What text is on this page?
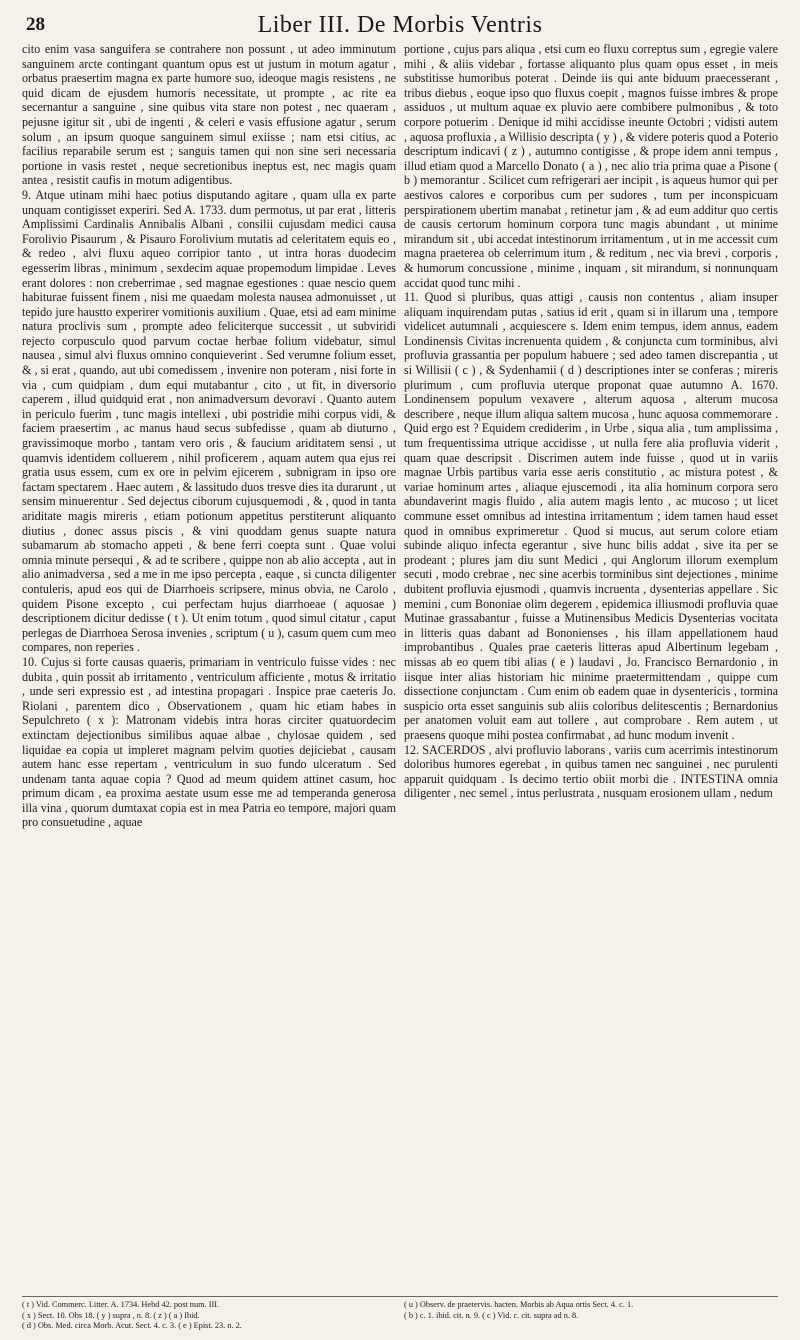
28	Liber III. De Morbis Ventris

cito enim vasa sanguifera se contrahere non possunt , ut adeo imminutum sanguinem arcte contingant quantum opus est ut justum in motum agatur , orbatus praesertim magna ex parte humore suo, ideoque magis resistens , ne quid dicam de ejusdem humoris necessitate, ut prompte , ac rite ea secernantur a sanguine , sine quibus vita stare non potest , nec quaeram , pejusne igitur sit , ubi de ingenti , & celeri e vasis effusione agatur , serum solum , an ipsum quoque sanguinem simul exiisse ; nam etsi citius, ac facilius reparabile serum est ; sanguis tamen qui non sine seri necessaria portione in vasis restet , neque secretionibus ineptus est, nec magis quam antea , resistit caufis in motum adigentibus.

9. Atque utinam mihi haec potius disputando agitare , quam ulla ex parte unquam contigisset experiri. Sed A. 1733. dum permotus, ut par erat , litteris Amplissimi Cardinalis Annibalis Albani , consilii cujusdam medici causa Forolivio Pisaurum , & Pisauro Forolivium mutatis ad celeritatem equis eo , & redeo , alvi fluxu aqueo corripior tanto , ut intra horas duodecim egesserim libras , minimum , sexdecim aquae propemodum limpidae . Leves erant dolores : non creberrimae , sed magnae egestiones : quae nescio quem habiturae fuissent finem , nisi me quaedam molesta nausea admonuisset , ut tepido jure haustto experirer vomitionis auxilium . Quae, etsi ad eam minime natura proclivis sum , prompte adeo feliciterque successit , ut subviridi rejecto corpusculo quod parvum coctae herbae folium videbatur, simul nausea , simul alvi fluxus omnino conquieverint . Sed verumne folium esset, & , si erat , quando, aut ubi comedissem , invenire non poteram , nisi forte in via , cum quidpiam , dum equi mutabantur , cito , ut fit, in diversorio caperem , illud quidquid erat , non animadversum devoravi . Quanto autem in periculo fuerim , tunc magis intellexi , ubi postridie mihi corpus vidi, & faciem praesertim , ac manus haud secus subfedisse , quam ab diuturno , gravissimoque morbo , tantam vero oris , & faucium ariditatem sensi , ut quamvis identidem colluerem , nihil proficerem , aquam autem qua ejus rei gratia usus essem, cum ex ore in pelvim ejicerem , subnigram in ipso ore factam spectarem . Haec autem , & lassitudo duos tresve dies ita durarunt , ut sensim minuerentur . Sed dejectus ciborum cujusquemodi , & , quod in tanta ariditate magis mireris , etiam potionum appetitus perstiterunt aliquanto diutius , donec assus piscis , & vini quoddam genus suapte natura subamarum ab stomacho appeti , & bene ferri coepta sunt . Quae volui omnia minute persequi , & ad te scribere , quippe non ab alio accepta , aut in alio animadversa , sed a me in me ipso percepta , eaque , si cuncta diligenter contuleris, apud eos qui de Diarrhoeis scripsere, minus obvia, ne Carolo , quidem Pisone excepto , cui perfectam hujus diarrhoeae ( aquosae ) descriptionem dicitur dedisse ( t ). Ut enim totum , quod simul citatur , caput perlegas de Diarrhoea Serosa invenies , scriptum ( u ), casum quem cum meo compares, non reperies .

10. Cujus si forte causas quaeris, primariam in ventriculo fuisse vides : nec dubita , quin possit ab irritamento , ventriculum afficiente , motus & irritatio , unde seri expressio est , ad intestina propagari . Inspice prae caeteris Jo. Riolani , parentem dico , Observationem , quam hic etiam habes in Sepulchreto ( x ): Matronam videbis intra horas circiter quatuordecim extinctam dejectionibus similibus aquae albae , chylosae quidem , sed liquidae ea copia ut impleret magnam pelvim quoties dejiciebat , causam autem hanc esse repertam , ventriculum in suo fundo ulceratum . Sed undenam tanta aquae copia ? Quod ad meum quidem attinet casum, hoc primum dicam , ea proxima aestate usum esse me ad temperanda generosa illa vina , quorum dumtaxat copia est in mea Patria eo tempore, majori quam pro consuetudine , aquae

portione , cujus pars aliqua , etsi cum eo fluxu correptus sum , egregie valere mihi , & aliis videbar , fortasse aliquanto plus quam opus esset , in meis substitisse humoribus poterat . Deinde iis qui ante biduum praecesserant , tribus diebus , eoque ipso quo fluxus coepit , magnos fuisse imbres & prope assiduos , ut multum aquae ex pluvio aere combibere pulmonibus , & toto corpore potuerim . Denique id mihi accidisse ineunte Octobri ; vidisti autem , aquosa profluxia , a Willisio descripta ( y ) , & videre poteris quod a Poterio descriptum indicavi ( z ) , autumno contigisse , & prope idem anni tempus , illud etiam quod a Marcello Donato ( a ) , nec alio tria prima quae a Pisone ( b ) memorantur . Scilicet cum refrigerari aer incipit , is aqueus humor qui per aestivos calores e corporibus cum per sudores , tum per inconspicuam perspirationem ubertim manabat , retinetur jam , & ad eum additur quo certis de causis certorum hominum corpora tunc magis abundant , ut minime mirandum sit , ubi accedat intestinorum irritamentum , ut in me accessit cum magna praeterea ob celerrimum itum , & reditum , nec via brevi , corporis , & humorum concussione , minime , inquam , sit mirandum, si nonnunquam accidat quod tunc mihi .

11. Quod si pluribus, quas attigi , causis non contentus , aliam insuper aliquam inquirendam putas , satius id erit , quam si in illarum una , tempore videlicet autumnali , acquiescere s. Idem enim tempus, idem annus, eadem Londinensis Civitas increnuenta quidem , & conjuncta cum torminibus, alvi profluvia grassantia per populum habuere ; sed adeo tamen discrepantia , ut si Willisii ( c ) , & Sydenhamii ( d ) descriptiones inter se conferas ; mireris plurimum , cum profluvia uterque proponat quae autumno A. 1670. Londinensem populum vexavere , alterum aquosa , alterum mucosa describere , neque illum aliqua saltem mucosa , hunc aquosa commemorare . Quid ergo est ? Equidem crediderim , in Urbe , siqua alia , tum amplissima , tum frequentissima utrique accidisse , ut nulla fere alia profluvia viderit , quam quae descripsit . Discrimen autem inde fuisse , quod ut in variis magnae Urbis partibus varia esse aeris constitutio , ac mistura potest , & variae hominum artes , aliaque ejuscemodi , ita alia hominum corpora sero abundaverint magis fluido , alia autem magis lento , ac mucoso ; ut licet commune esset omnibus ad intestina irritamentum ; idem tamen haud esset quod in omnibus exprimeretur . Quod si mucus, aut serum colore etiam subinde aliquo infecta egerantur , sive hunc bilis addat , sive ita per se prodeant ; plures jam diu sunt Medici , qui Anglorum illorum exemplum secuti , modo crebrae , nec sine acerbis torminibus sint dejectiones , minime dubitent profluvia ejusmodi , quamvis incruenta , dysenterias appellare . Sic memini , cum Bononiae olim degerem , epidemica illiusmodi profluvia quae Mutinae grassabantur , fuisse a Mutinensibus Medicis Dysenterias vocitata in litteris quas dabant ad Bononienses , his illam appellationem haud improbantibus . Quales prae caeteris litteras apud Albertinum legebam , missas ab eo quem tibi alias ( e ) laudavi , Jo. Francisco Bernardonio , in iisque inter alias historiam hic minime praetermittendam , quippe cum dissectione conjunctam . Cum enim ob eadem quae in dysentericis , tormina suspicio orta esset sanguinis sub aliis coloribus delitescentis ; Bernardonius per anatomen voluit eam aut tollere , aut comprobare . Rem autem , ut praesens quoque mihi postea confirmabat , ad hunc modum invenit .

12. SACERDOS , alvi profluvio laborans , variis cum acerrimis intestinorum doloribus humores egerebat , in quibus tamen nec sanguinei , nec purulenti apparuit quidquam . Is decimo tertio obiit morbi die . INTESTINA omnia diligenter , nec semel , intus perlustrata , nusquam erosionem ullam , nedum

( t ) Vid. Commerc. Litter. A. 1734. Hebd 42. post num. III.

( x ) Sect. 10. Obs 18. ( y ) supra , n. 8. ( z ) ( a ) Ibid.

( d ) Obs. Med. circa Morb. Acut. Sect. 4. c. 3. ( e ) Epist. 23. n. 2.

( u ) Observ. de praetervis. hacten. Morbis ab Aqua ortis Sect. 4. c. 1.

( b ) c. 1. ibid. cit. n. 9. ( c ) Vid. c. cit. supra ad n. 8.
